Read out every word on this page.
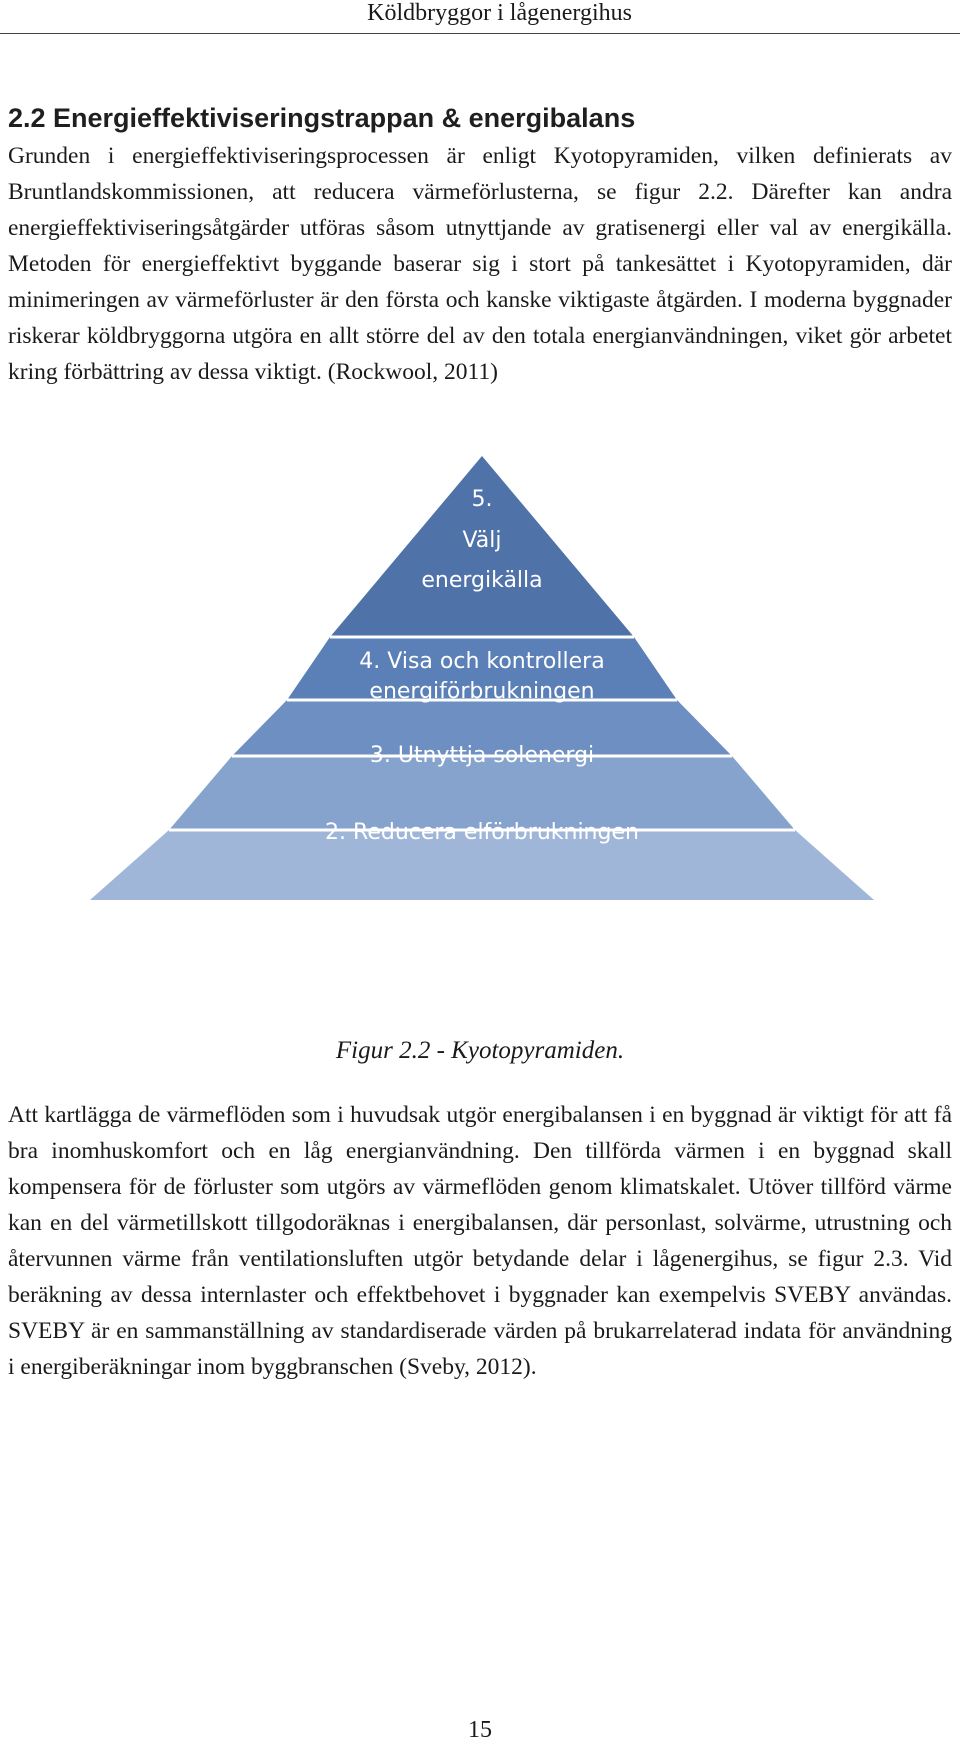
Köldbryggor i lågenergihus
2.2 Energieffektiviseringstrappan & energibalans

Grunden i energieffektiviseringsprocessen är enligt Kyotopyramiden, vilken definierats av Bruntlandskommissionen, att reducera värmeförlusterna, se figur 2.2. Därefter kan andra energieffektiviseringsåtgärder utföras såsom utnyttjande av gratisenergi eller val av energikälla. Metoden för energieffektivt byggande baserar sig i stort på tankesättet i Kyotopyramiden, där minimeringen av värmeförluster är den första och kanske viktigaste åtgärden. I moderna byggnader riskerar köldbryggorna utgöra en allt större del av den totala energianvändningen, viket gör arbetet kring förbättring av dessa viktigt. (Rockwool, 2011)

5.
Välj
energikälla
4. Visa och kontrollera
energiförbrukningen
3. Utnyttja solenergi
2. Reducera elförbrukningen
1. Reducera värmeförlusten

Figur 2.2 - Kyotopyramiden.

Att kartlägga de värmeflöden som i huvudsak utgör energibalansen i en byggnad är viktigt för att få bra inomhuskomfort och en låg energianvändning. Den tillförda värmen i en byggnad skall kompensera för de förluster som utgörs av värmeflöden genom klimatskalet. Utöver tillförd värme kan en del värmetillskott tillgodoräknas i energibalansen, där personlast, solvärme, utrustning och återvunnen värme från ventilationsluften utgör betydande delar i lågenergihus, se figur 2.3. Vid beräkning av dessa internlaster och effektbehovet i byggnader kan exempelvis SVEBY användas. SVEBY är en sammanställning av standardiserade värden på brukarrelaterad indata för användning i energiberäkningar inom byggbranschen (Sveby, 2012).

15
